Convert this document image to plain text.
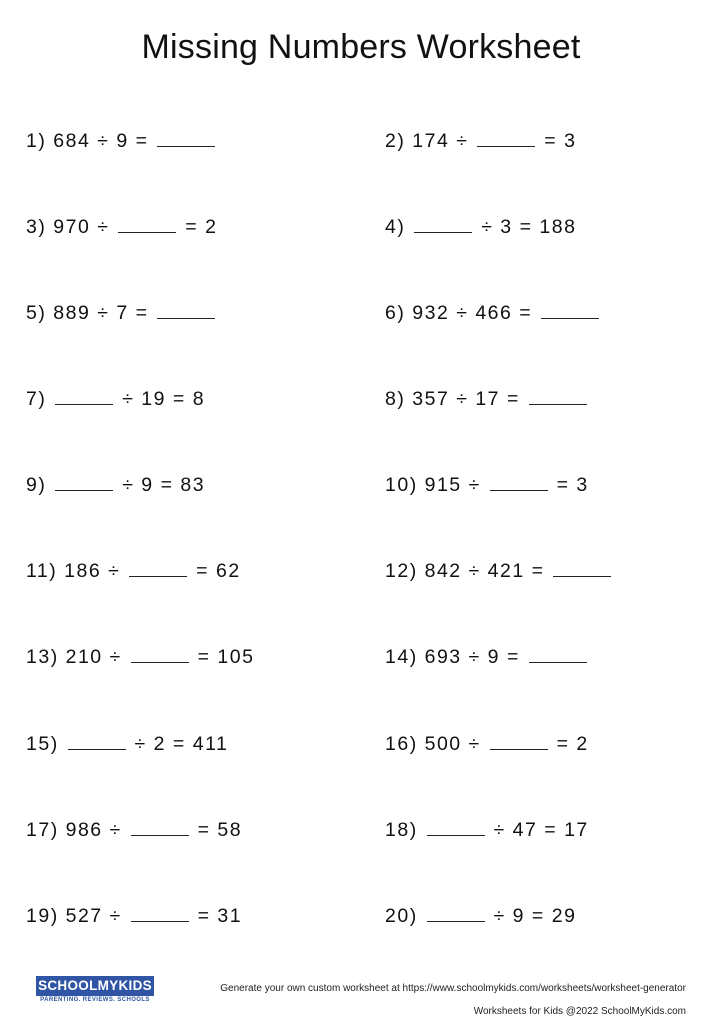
Missing Numbers Worksheet
1) 684 ÷ 9 =	2) 174 ÷	= 3
3) 970 ÷	= 2	4)	÷ 3 = 188
5) 889 ÷ 7 =	6) 932 ÷ 466 =
7)	÷ 19 = 8	8) 357 ÷ 17 =
9)	÷ 9 = 83	10) 915 ÷	= 3
11) 186 ÷	= 62	12) 842 ÷ 421 =
13) 210 ÷	= 105	14) 693 ÷ 9 =
15)	÷ 2 = 411	16) 500 ÷	= 2
17) 986 ÷	= 58	18)	÷ 47 = 17
19) 527 ÷	= 31	20)	÷ 9 = 29
SCHOOLMYKIDS
PARENTING. REVIEWS. SCHOOLS
Generate your own custom worksheet at https://www.schoolmykids.com/worksheets/worksheet-generator
Worksheets for Kids @2022 SchoolMyKids.com
